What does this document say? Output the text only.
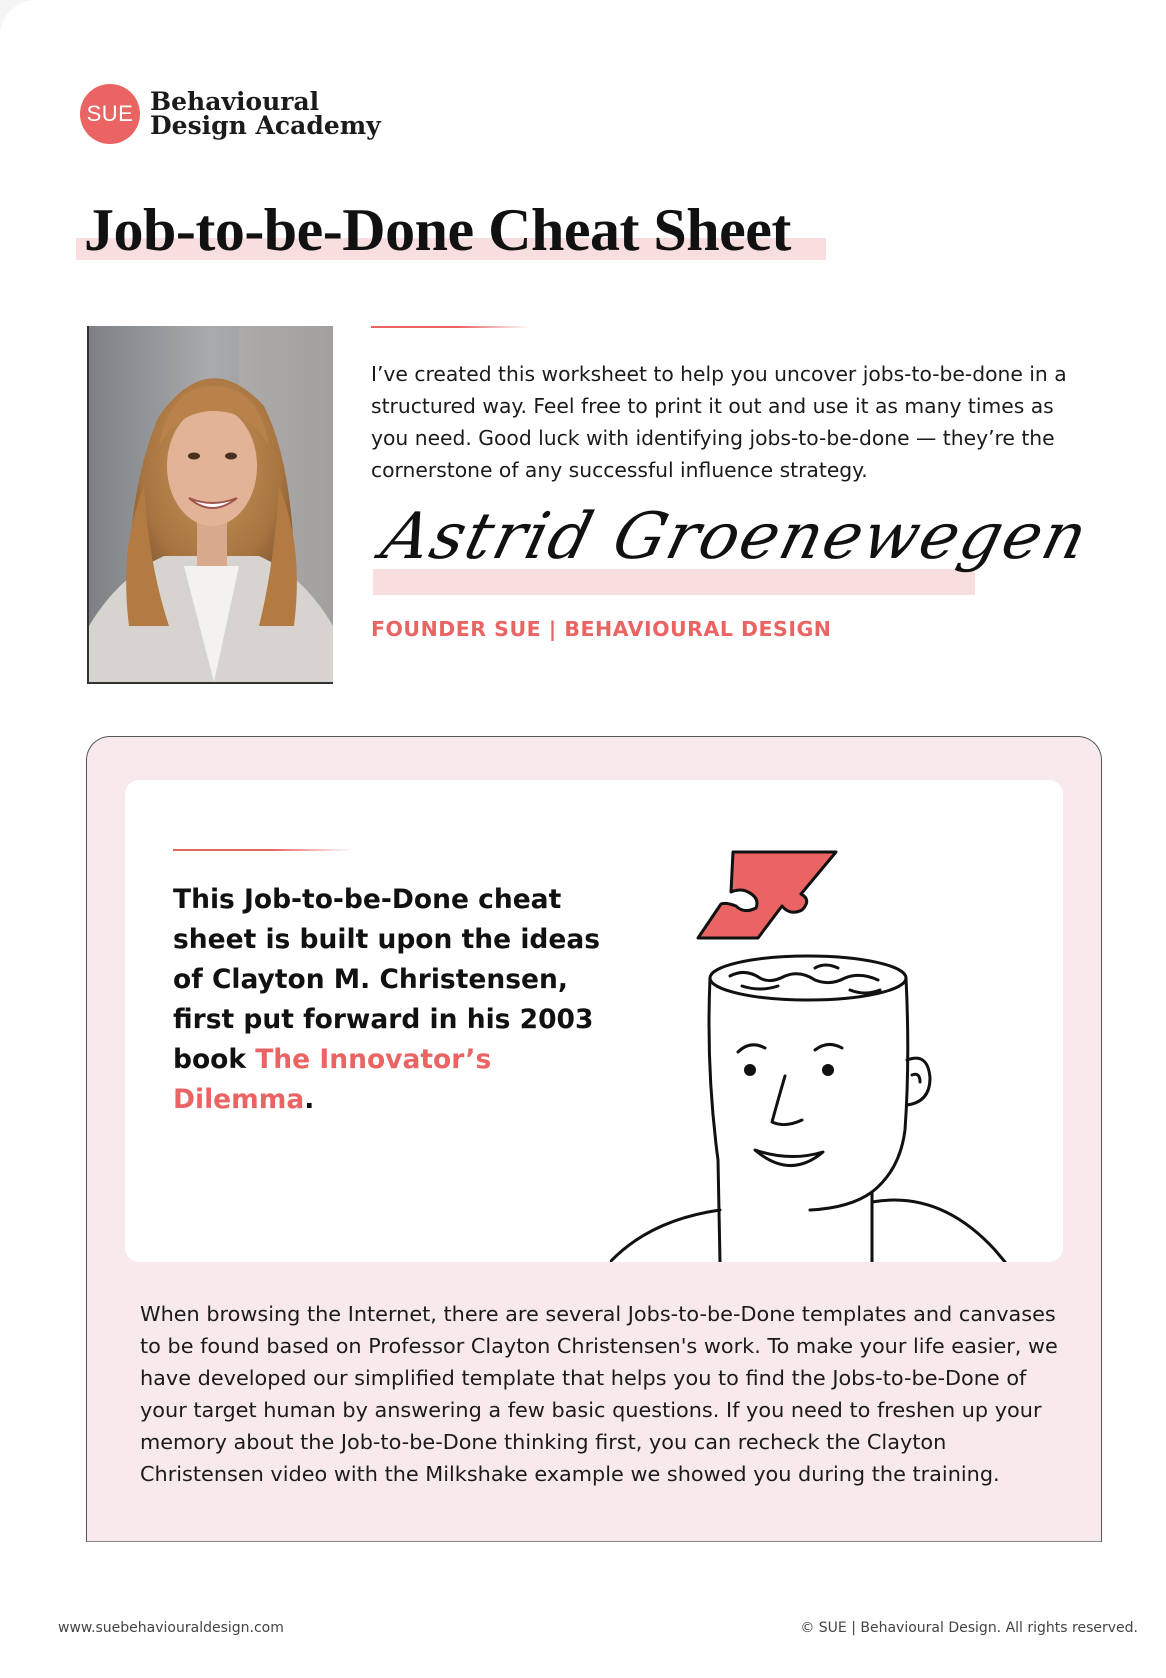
SUE Behavioural
Design Academy
Job-to-be-Done Cheat Sheet

I’ve created this worksheet to help you uncover jobs-to-be-done in a structured way. Feel free to print it out and use it as many times as you need. Good luck with identifying jobs-to-be-done — they’re the cornerstone of any successful influence strategy.

Astrid Groenewegen
FOUNDER SUE | BEHAVIOURAL DESIGN

This Job-to-be-Done cheat sheet is built upon the ideas of Clayton M. Christensen, first put forward in his 2003 book The Innovator’s Dilemma.

When browsing the Internet, there are several Jobs-to-be-Done templates and canvases to be found based on Professor Clayton Christensen's work. To make your life easier, we have developed our simplified template that helps you to find the Jobs-to-be-Done of your target human by answering a few basic questions. If you need to freshen up your memory about the Job-to-be-Done thinking first, you can recheck the Clayton Christensen video with the Milkshake example we showed you during the training.

www.suebehaviouraldesign.com	© SUE | Behavioural Design. All rights reserved.
